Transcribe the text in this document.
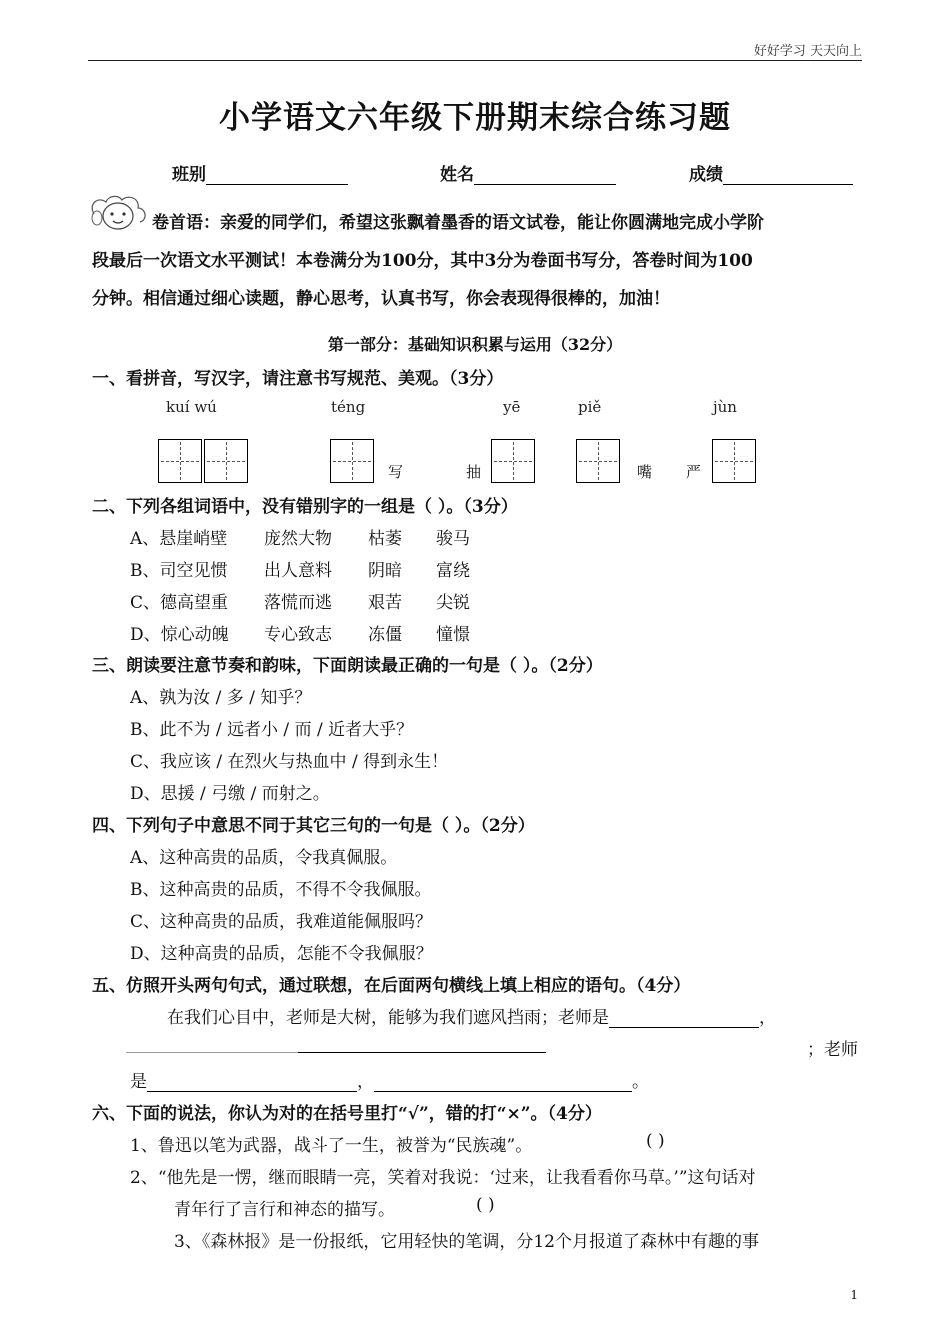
好好学习 天天向上
小学语文六年级下册期末综合练习题
班别	姓名	成绩
卷首语：亲爱的同学们，希望这张飘着墨香的语文试卷，能让你圆满地完成小学阶
段最后一次语文水平测试！本卷满分为100分，其中3分为卷面书写分，答卷时间为100
分钟。相信通过细心读题，静心思考，认真书写，你会表现得很棒的，加油！
第一部分：基础知识积累与运用（32分）
一、看拼音，写汉字，请注意书写规范、美观。（3分）
kuí wú	téng	yē	piě	jùn
写	抽	嘴 严
二、下列各组词语中，没有错别字的一组是（ ）。（3分）
A、悬崖峭壁 庞然大物 枯萎 骏马
B、司空见惯 出人意料 阴暗 富绕
C、德高望重 落慌而逃 艰苦 尖锐
D、惊心动魄 专心致志 冻僵 憧憬
三、朗读要注意节奏和韵味，下面朗读最正确的一句是（ ）。（2分）
A、孰为汝 / 多 / 知乎？
B、此不为 / 远者小 / 而 / 近者大乎？
C、我应该 / 在烈火与热血中 / 得到永生！
D、思援 / 弓缴 / 而射之。
四、下列句子中意思不同于其它三句的一句是（ ）。（2分）
A、这种高贵的品质，令我真佩服。
B、这种高贵的品质，不得不令我佩服。
C、这种高贵的品质，我难道能佩服吗？
D、这种高贵的品质，怎能不令我佩服？
五、仿照开头两句句式，通过联想，在后面两句横线上填上相应的语句。（4分）
在我们心目中，老师是大树，能够为我们遮风挡雨；老师是	，
；老师
是	，	。
六、下面的说法，你认为对的在括号里打“√”，错的打“×”。（4分）
1、鲁迅以笔为武器，战斗了一生，被誉为“民族魂”。	( )
2、“他先是一愣，继而眼睛一亮，笑着对我说：‘过来，让我看看你马草。’”这句话对
青年行了言行和神态的描写。	( )
3、《森林报》是一份报纸，它用轻快的笔调，分12个月报道了森林中有趣的事
1
